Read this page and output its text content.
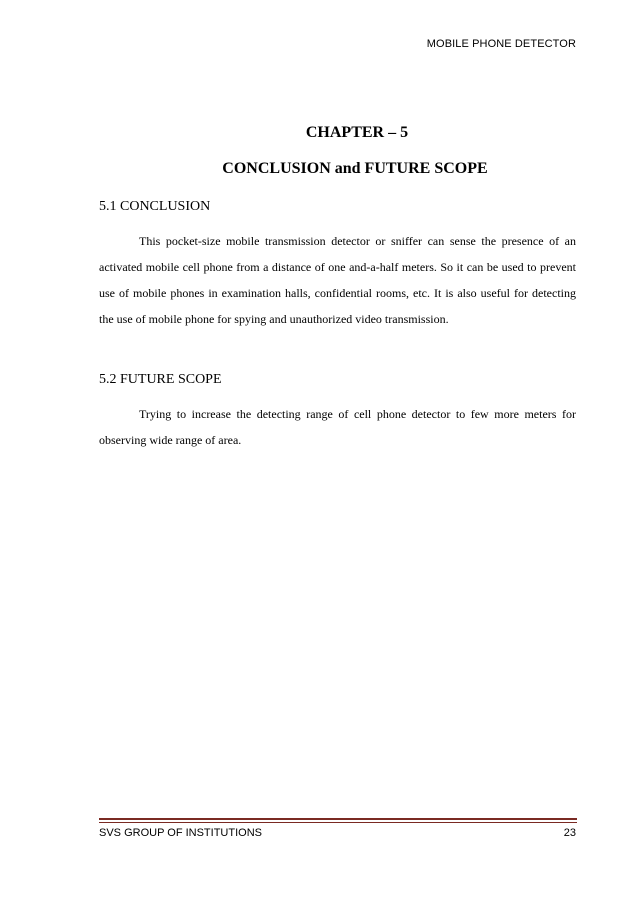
MOBILE PHONE DETECTOR
CHAPTER – 5
CONCLUSION and FUTURE SCOPE
5.1 CONCLUSION

This pocket-size mobile transmission detector or sniffer can sense the presence of an activated mobile cell phone from a distance of one and-a-half meters. So it can be used to prevent use of mobile phones in examination halls, confidential rooms, etc. It is also useful for detecting the use of mobile phone for spying and unauthorized video transmission.

5.2 FUTURE SCOPE

Trying to increase the detecting range of cell phone detector to few more meters for observing wide range of area.

SVS GROUP OF INSTITUTIONS	23
